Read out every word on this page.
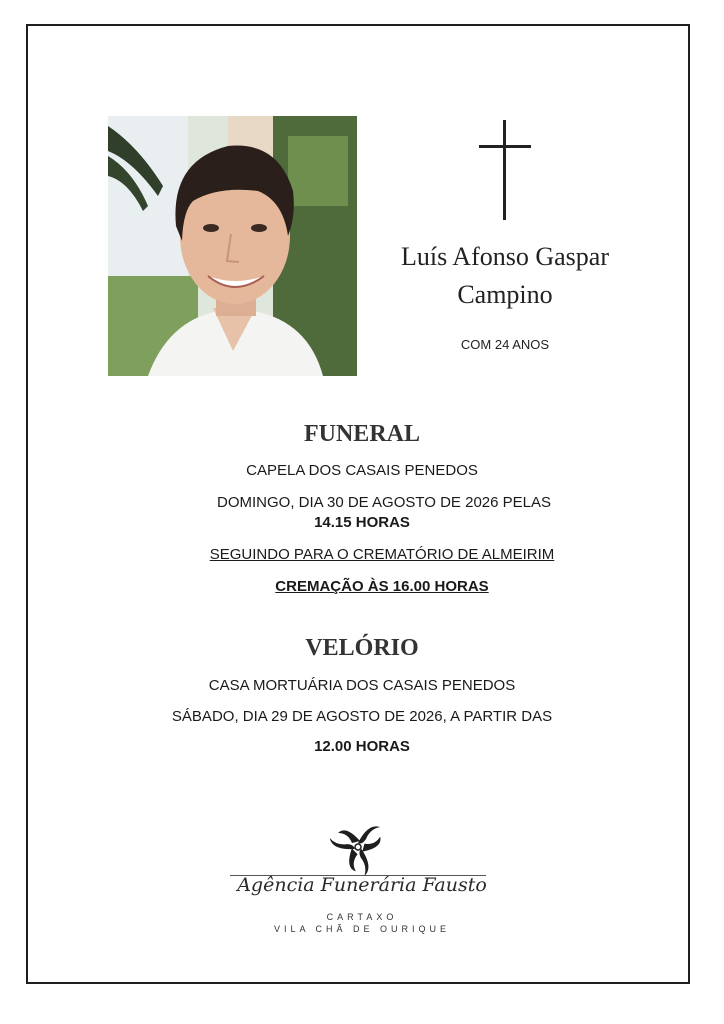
Luís Afonso Gaspar
Campino
COM 24 ANOS
FUNERAL
CAPELA DOS CASAIS PENEDOS
DOMINGO, DIA 30 DE AGOSTO DE 2026 PELAS
14.15 HORAS
SEGUINDO PARA O CREMATÓRIO DE ALMEIRIM
CREMAÇÃO ÀS 16.00 HORAS
VELÓRIO
CASA MORTUÁRIA DOS CASAIS PENEDOS
SÁBADO, DIA 29 DE AGOSTO DE 2026, A PARTIR DAS
12.00 HORAS
Agência Funerária Fausto
CARTAXO
VILA CHÃ DE OURIQUE
